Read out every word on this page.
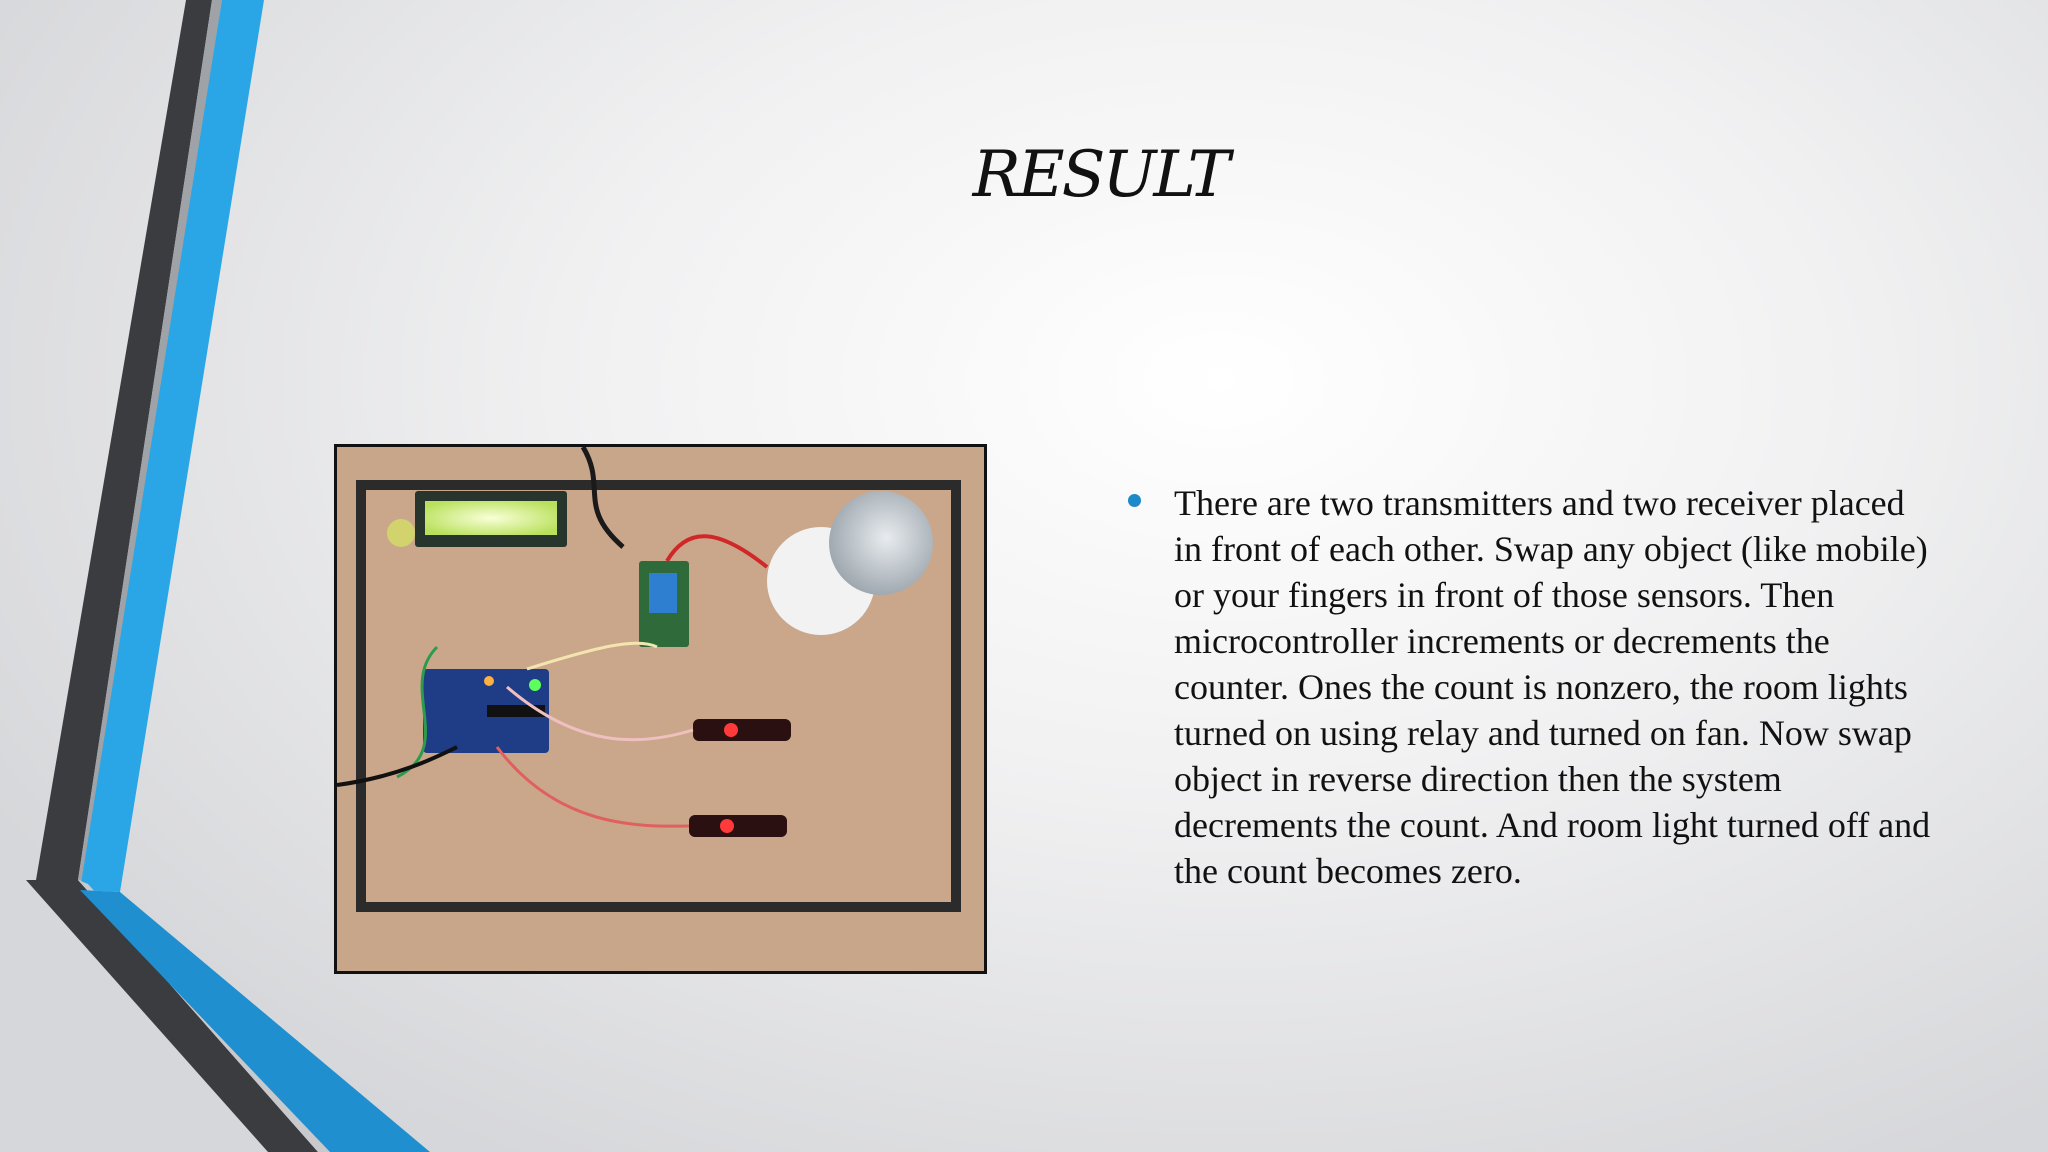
RESULT
There are two transmitters and two receiver placed in front of each other. Swap any object (like mobile) or your fingers in front of those sensors. Then microcontroller increments or decrements the counter. Ones the count is nonzero, the room lights turned on using relay and turned on fan. Now swap object in reverse direction then the system decrements the count. And room light turned off and the count becomes zero.
